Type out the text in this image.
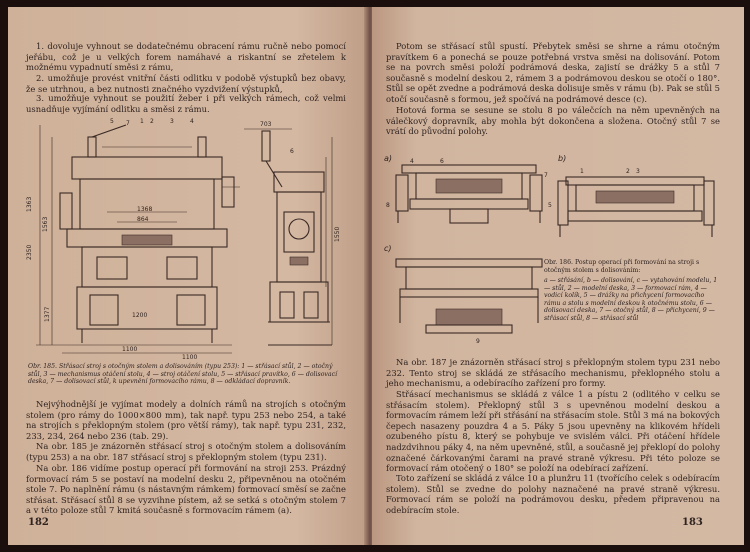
1. dovoluje vyhnout se dodatečnému obracení rámu ručně nebo pomocí jeřábu, což je u velkých forem namáhavé a riskantní se zřetelem k možnému vypadnutí směsi z rámu,

2. umožňuje provést vnitřní části odlitku v podobě výstupků bez obavy, že se utrhnou, a bez nutnosti značného vyzdvižení výstupků,

3. umožňuje vyhnout se použití žeber i při velkých rámech, což velmi usnadňuje vyjímání odlitku a směsi z rámu.

703
1363
1563
1550
2350
1100
1100
1200
864
1368
1377
7
5
6
1 2	3	4

Obr. 185. Střásací stroj s otočným stolem a dolisováním (typu 253): 1 — střásací stůl, 2 — otočný stůl, 3 — mechanismus otáčení stolu, 4 — stroj otáčení stolu, 5 — střásací pravítko, 6 — dolisovací deska, 7 — dolisovací stůl, k upevnění formovacího rámu, 8 — odkládací dopravník.

Nejvýhodnější je vyjímat modely a dolních rámů na strojích s otočným stolem (pro rámy do 1000×800 mm), tak např. typu 253 nebo 254, a také na strojích s překlopným stolem (pro větší rámy), tak např. typu 231, 232, 233, 234, 264 nebo 236 (tab. 29).

Na obr. 185 je znázorněn střásací stroj s otočným stolem a dolisováním (typu 253) a na obr. 187 střásací stroj s překlopným stolem (typu 231).

Na obr. 186 vidíme postup operací při formování na stroji 253. Prázdný formovací rám 5 se postaví na modelní desku 2, připevněnou na otočném stole 7. Po naplnění rámu (s nástavným rámkem) formovací směsí se začne střásat. Střásací stůl 8 se vyzvihne pístem, až se setká s otočným stolem 7 a v této poloze stůl 7 kmitá současně s formovacím rámem (a).

182

Potom se střásací stůl spustí. Přebytek směsi se shrne a rámu otočným pravítkem 6 a ponechá se pouze potřebná vrstva směsi na dolisování. Potom se na povrch směsi položí podrámová deska, zajistí se drážky 5 a stůl 7 současně s modelní deskou 2, rámem 3 a podrámovou deskou se otočí o 180°. Stůl se opět zvedne a podrámová deska dolisuje směs v rámu (b). Pak se stůl 5 otočí současně s formou, jež spočívá na podrámové desce (c).

Hotová forma se sesune se stolu 8 po válečcích na něm upevněných na válečkový dopravník, aby mohla být dokončena a složena. Otočný stůl 7 se vrátí do původní polohy.

a)	b)
c)
1	2 3
4
5
6
7
8
9

Obr. 186. Postup operací při formování na stroji s otočným stolem s dolisováním:

a — střásání, b — dolisování, c — vytahování modelu, 1 — stůl, 2 — modelní deska, 3 — formovací rám, 4 — vodicí kolík, 5 — drážky na přichycení formovacího rámu a stolu s modelní deskou k otočnému stolu, 6 — dolisovací deska, 7 — otočný stůl, 8 — přichycení, 9 — střásací stůl, 8 — střásací stůl

Na obr. 187 je znázorněn střásací stroj s překlopným stolem typu 231 nebo 232. Tento stroj se skládá ze střásacího mechanismu, překlopného stolu a jeho mechanismu, a odebíracího zařízení pro formy.

Střásací mechanismus se skládá z válce 1 a pístu 2 (odlitého v celku se střásacím stolem). Překlopný stůl 3 s upevněnou modelní deskou a formovacím rámem leží při střásání na střásacím stole. Stůl 3 má na bokových čepech nasazeny pouzdra 4 a 5. Páky 5 jsou upevněny na klikovém hřídeli ozubeného pístu 8, který se pohybuje ve svislém válci. Při otáčení hřídele nadzdvihnou páky 4, na něm upevněné, stůl, a současně jej překlopí do polohy označené čárkovanými čarami na pravé straně výkresu. Při této poloze se formovací rám otočený o 180° se položí na odebírací zařízení.

Toto zařízení se skládá z válce 10 a plunžru 11 (tvořícího celek s odebíracím stolem). Stůl se zvedne do polohy naznačené na pravé straně výkresu. Formovací rám se položí na podrámovou desku, předem připravenou na odebíracím stole.

183
